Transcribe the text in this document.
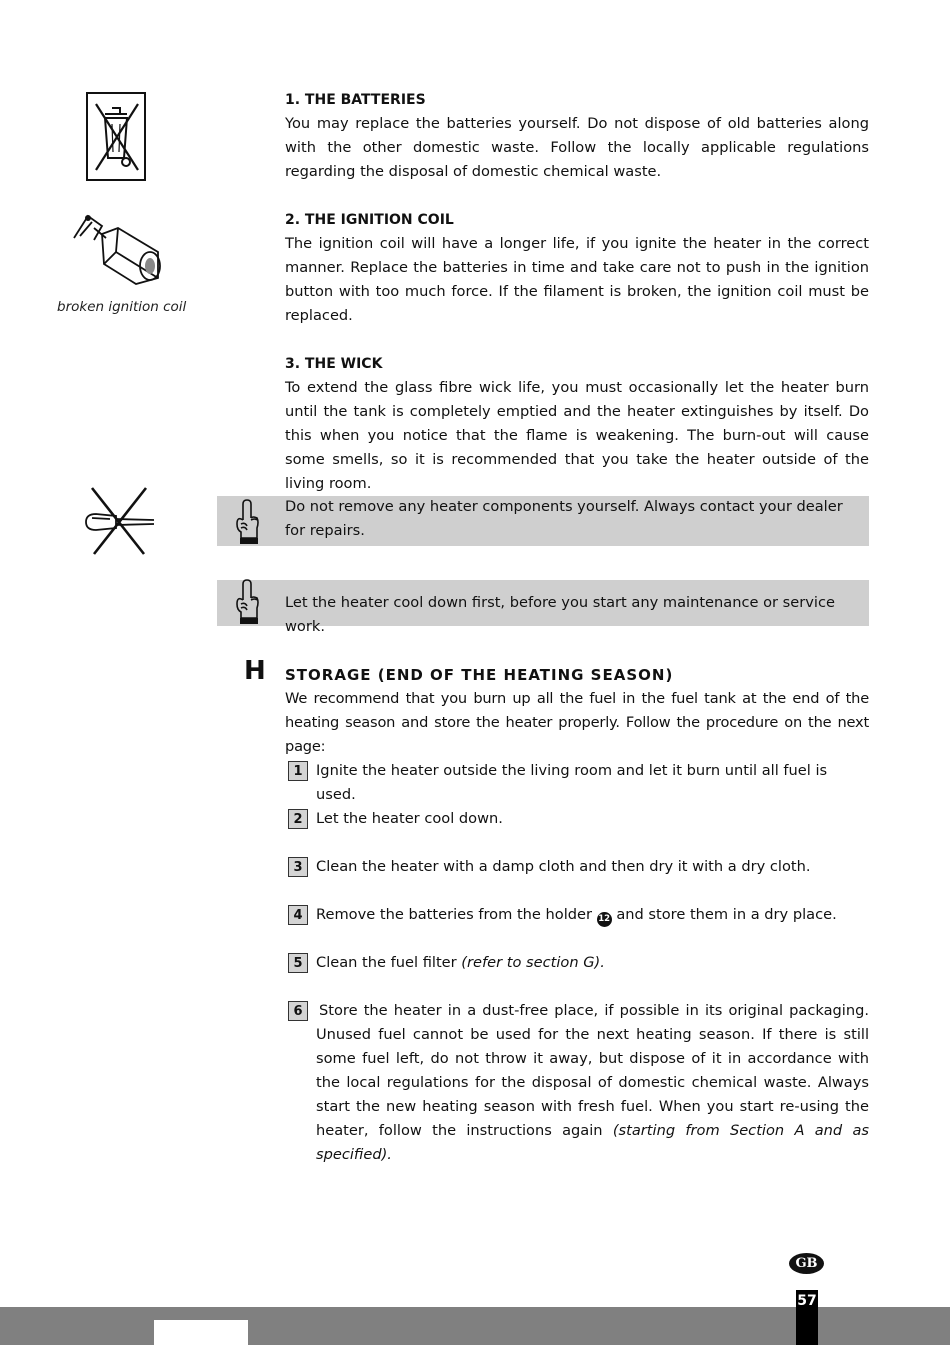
broken ignition coil
1. THE BATTERIES
You may replace the batteries yourself. Do not dispose of old batteries along with the other domestic waste. Follow the locally applicable regulations regarding the disposal of domestic chemical waste.
2. THE IGNITION COIL
The ignition coil will have a longer life, if you ignite the heater in the correct manner. Replace the batteries in time and take care not to push in the ignition button with too much force. If the filament is broken, the ignition coil must be replaced.
3. THE WICK
To extend the glass fibre wick life, you must occasionally let the heater burn until the tank is completely emptied and the heater extinguishes by itself. Do this when you notice that the flame is weakening. The burn-out will cause some smells, so it is recommended that you take the heater outside of the living room.
Do not remove any heater components yourself. Always contact your dealer for repairs.
Let the heater cool down first, before you start any maintenance or service work.
H STORAGE (END OF THE HEATING SEASON)
We recommend that you burn up all the fuel in the fuel tank at the end of the heating season and store the heater properly. Follow the procedure on the next page:
1 Ignite the heater outside the living room and let it burn until all fuel is used.
2 Let the heater cool down.
3 Clean the heater with a damp cloth and then dry it with a dry cloth.
4 Remove the batteries from the holder 12 and store them in a dry place.
5 Clean the fuel filter (refer to section G).
6	Store the heater in a dust-free place, if possible in its original packaging. Unused fuel cannot be used for the next heating season. If there is still some fuel left, do not throw it away, but dispose of it in accordance with the local regulations for the disposal of domestic chemical waste. Always start the new heating season with fresh fuel. When you start re-using the heater, follow the instructions again (starting from Section A and as specified).
GB
57
